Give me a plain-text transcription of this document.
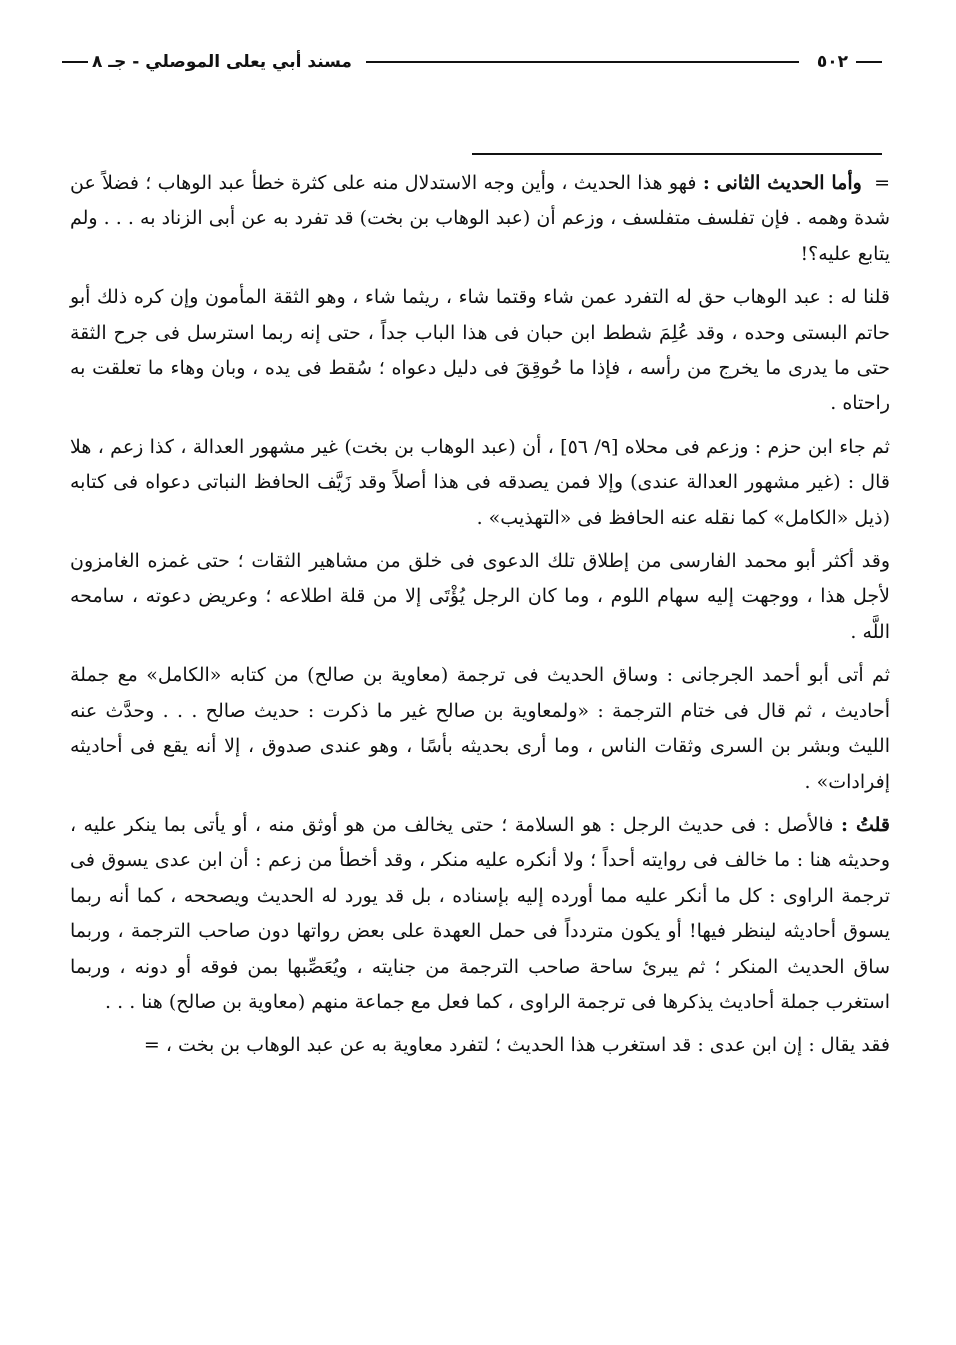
٥٠٢
مسند أبي يعلى الموصلي - جـ ٨

= وأما الحديث الثانى : فهو هذا الحديث ، وأين وجه الاستدلال منه على كثرة خطأ عبد الوهاب ؛ فضلاً عن شدة وهمه . فإن تفلسف متفلسف ، وزعم أن (عبد الوهاب بن بخت) قد تفرد به عن أبى الزناد به . . . ولم يتابع عليه؟!

قلنا له : عبد الوهاب حق له التفرد عمن شاء وقتما شاء ، ريثما شاء ، وهو الثقة المأمون وإن كره ذلك أبو حاتم البستى وحده ، وقد عُلِمَ شطط ابن حبان فى هذا الباب جداً ، حتى إنه ربما استرسل فى جرح الثقة حتى ما يدرى ما يخرج من رأسه ، فإذا ما حُوقِقَ فى دليل دعواه ؛ سُقط فى يده ، وبان وهاء ما تعلقت به راحتاه .

ثم جاء ابن حزم : وزعم فى محلاه [٩/ ٥٦] ، أن (عبد الوهاب بن بخت) غير مشهور العدالة ، كذا زعم ، هلا قال : (غير مشهور العدالة عندى) وإلا فمن يصدقه فى هذا أصلاً وقد زَيَّف الحافظ النباتى دعواه فى كتابه (ذيل «الكامل» كما نقله عنه الحافظ فى «التهذيب» .

وقد أكثر أبو محمد الفارسى من إطلاق تلك الدعوى فى خلق من مشاهير الثقات ؛ حتى غمزه الغامزون لأجل هذا ، ووجهت إليه سهام اللوم ، وما كان الرجل يُؤْتَى إلا من قلة اطلاعه ؛ وعريض دعوته ، سامحه اللَّه .

ثم أتى أبو أحمد الجرجانى : وساق الحديث فى ترجمة (معاوية بن صالح) من كتابه «الكامل» مع جملة أحاديث ، ثم قال فى ختام الترجمة : «ولمعاوية بن صالح غير ما ذكرت : حديث صالح . . . وحدَّث عنه الليث وبشر بن السرى وثقات الناس ، وما أرى بحديثه بأسًا ، وهو عندى صدوق ، إلا أنه يقع فى أحاديثه إفرادات» .

قلتُ : فالأصل : فى حديث الرجل : هو السلامة ؛ حتى يخالف من هو أوثق منه ، أو يأتى بما ينكر عليه ، وحديثه هنا : ما خالف فى روايته أحداً ؛ ولا أنكره عليه منكر ، وقد أخطأ من زعم : أن ابن عدى يسوق فى ترجمة الراوى : كل ما أنكر عليه مما أورده إليه بإسناده ، بل قد يورد له الحديث ويصححه ، كما أنه ربما يسوق أحاديثه لينظر فيها! أو يكون متردداً فى حمل العهدة على بعض رواتها دون صاحب الترجمة ، وربما ساق الحديث المنكر ؛ ثم يبرئ ساحة صاحب الترجمة من جنايته ، ويُعَصِّبها بمن فوقه أو دونه ، وربما استغرب جملة أحاديث يذكرها فى ترجمة الراوى ، كما فعل مع جماعة منهم (معاوية بن صالح) هنا . . .

فقد يقال : إن ابن عدى : قد استغرب هذا الحديث ؛ لتفرد معاوية به عن عبد الوهاب بن بخت ، =
